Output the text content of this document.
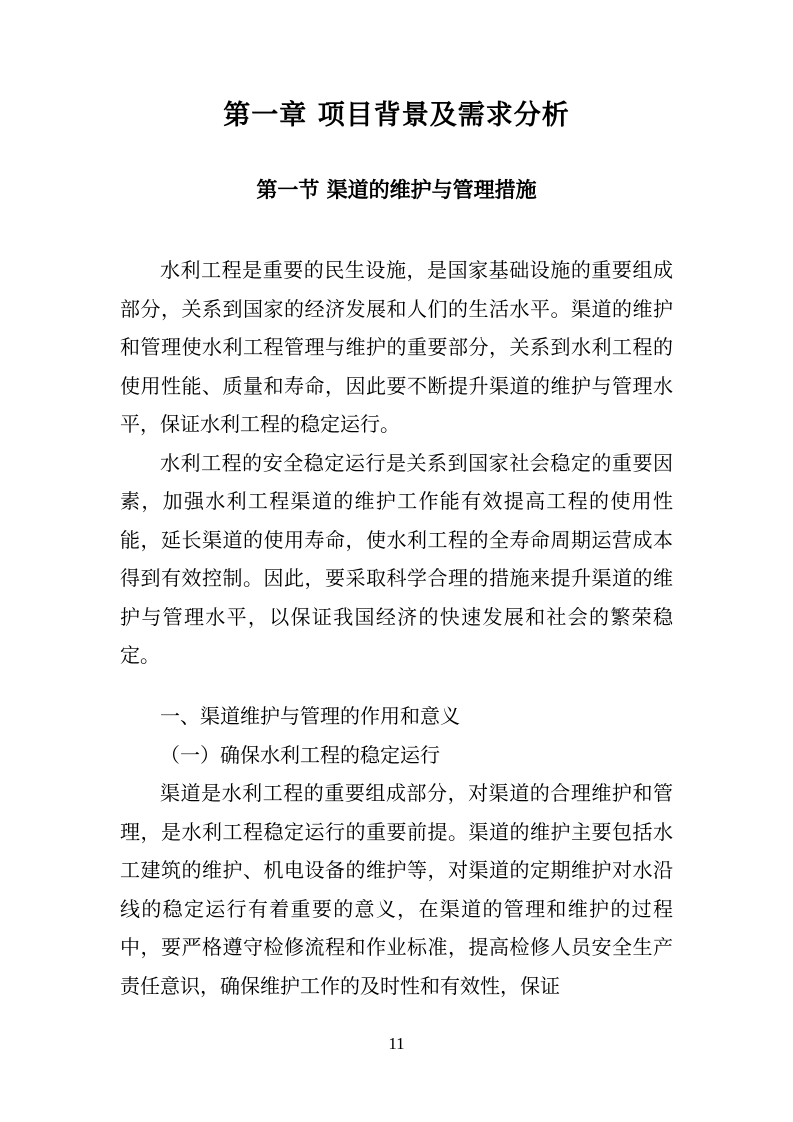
第一章 项目背景及需求分析
第一节 渠道的维护与管理措施

水利工程是重要的民生设施，是国家基础设施的重要组成部分，关系到国家的经济发展和人们的生活水平。渠道的维护和管理使水利工程管理与维护的重要部分，关系到水利工程的使用性能、质量和寿命，因此要不断提升渠道的维护与管理水平，保证水利工程的稳定运行。

水利工程的安全稳定运行是关系到国家社会稳定的重要因素，加强水利工程渠道的维护工作能有效提高工程的使用性能，延长渠道的使用寿命，使水利工程的全寿命周期运营成本得到有效控制。因此，要采取科学合理的措施来提升渠道的维护与管理水平，以保证我国经济的快速发展和社会的繁荣稳定。

一、渠道维护与管理的作用和意义

（一）确保水利工程的稳定运行

渠道是水利工程的重要组成部分，对渠道的合理维护和管理，是水利工程稳定运行的重要前提。渠道的维护主要包括水工建筑的维护、机电设备的维护等，对渠道的定期维护对水沿线的稳定运行有着重要的意义，在渠道的管理和维护的过程中，要严格遵守检修流程和作业标准，提高检修人员安全生产责任意识，确保维护工作的及时性和有效性，保证

11
